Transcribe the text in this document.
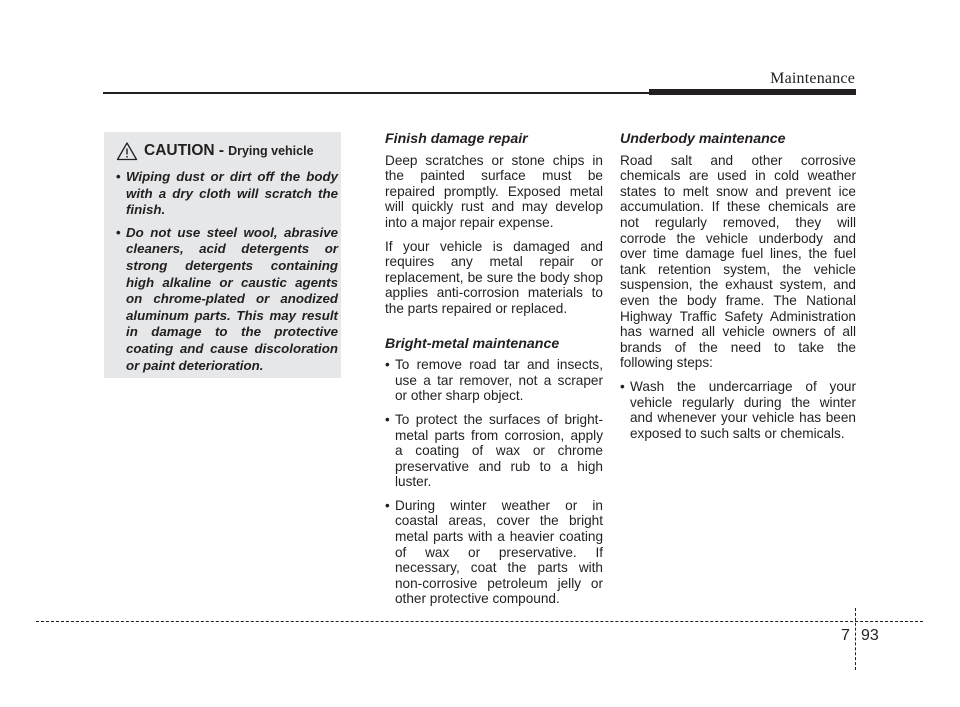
Maintenance
CAUTION - Drying vehicle
• Wiping dust or dirt off the body with a dry cloth will scratch the finish.
• Do not use steel wool, abrasive cleaners, acid detergents or strong detergents containing high alkaline or caustic agents on chrome-plated or anodized aluminum parts. This may result in damage to the protective coating and cause discoloration or paint deterioration.
Finish damage repair

Deep scratches or stone chips in the painted surface must be repaired promptly. Exposed metal will quickly rust and may develop into a major repair expense.

If your vehicle is damaged and requires any metal repair or replacement, be sure the body shop applies anti-corrosion materials to the parts repaired or replaced.

Bright-metal maintenance
• To remove road tar and insects, use a tar remover, not a scraper or other sharp object.
• To protect the surfaces of bright-metal parts from corrosion, apply a coating of wax or chrome preservative and rub to a high luster.
• During winter weather or in coastal areas, cover the bright metal parts with a heavier coating of wax or preservative. If necessary, coat the parts with non-corrosive petroleum jelly or other protective compound.
Underbody maintenance

Road salt and other corrosive chemicals are used in cold weather states to melt snow and prevent ice accumulation. If these chemicals are not regularly removed, they will corrode the vehicle underbody and over time damage fuel lines, the fuel tank retention system, the vehicle suspension, the exhaust system, and even the body frame. The National Highway Traffic Safety Administration has warned all vehicle owners of all brands of the need to take the following steps:

• Wash the undercarriage of your vehicle regularly during the winter and whenever your vehicle has been exposed to such salts or chemicals.
7 93
